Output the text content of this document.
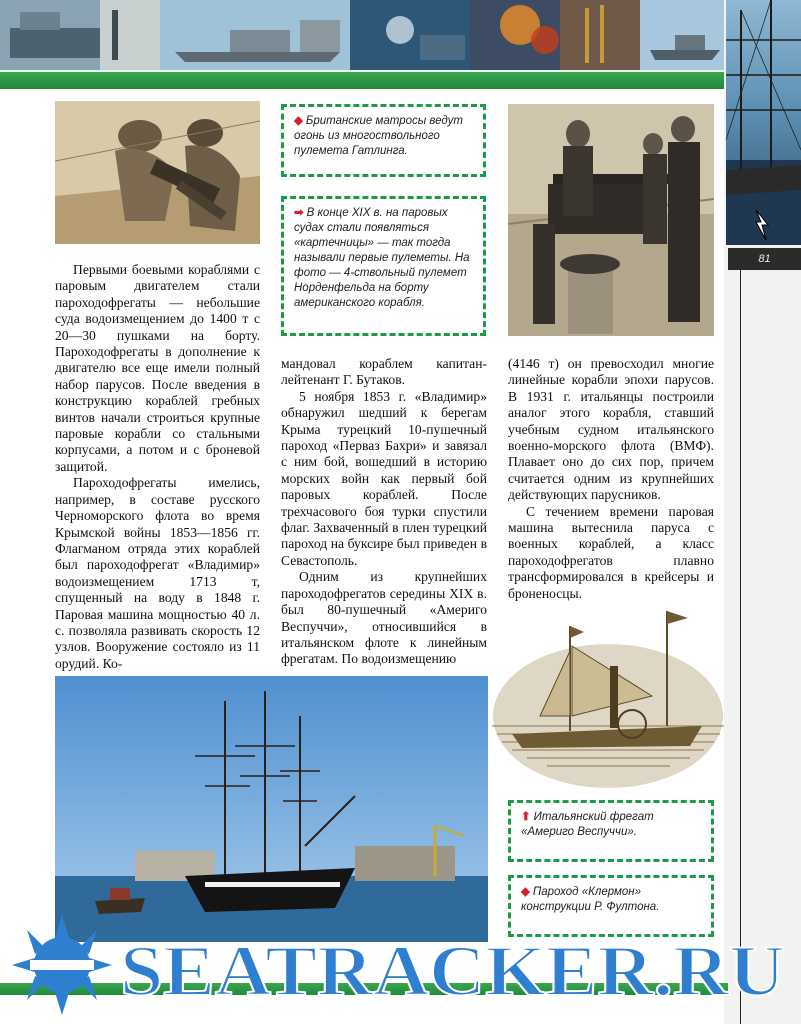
81
◆ Британские матросы ведут огонь из многоствольного пулемета Гатлинга.
➡ В конце XIX в. на паровых судах стали появляться «картечницы» — так тогда называли первые пулеметы. На фото — 4-ствольный пулемет Норденфельда на борту американского корабля.

Первыми боевыми кораблями с паровым двигателем стали пароходофрегаты — небольшие суда водоизмещением до 1400 т с 20—30 пушками на борту. Пароходофрегаты в дополнение к двигателю все еще имели полный набор парусов. После введения в конструкцию кораблей гребных винтов начали строиться крупные паровые корабли со стальными корпусами, а потом и с броневой защитой.

Пароходофрегаты имелись, например, в составе русского Черноморского флота во время Крымской войны 1853—1856 гг. Флагманом отряда этих кораблей был пароходофрегат «Владимир» водоизмещением 1713 т, спущенный на воду в 1848 г. Паровая машина мощностью 40 л. с. позволяла развивать скорость 12 узлов. Вооружение состояло из 11 орудий. Ко-

мандовал кораблем капитан-лейтенант Г. Бутаков.

5 ноября 1853 г. «Владимир» обнаружил шедший к берегам Крыма турецкий 10-пушечный пароход «Перваз Бахри» и завязал с ним бой, вошедший в историю морских войн как первый бой паровых кораблей. После трехчасового боя турки спустили флаг. Захваченный в плен турецкий пароход на буксире был приведен в Севастополь.

Одним из крупнейших пароходофрегатов середины XIX в. был 80-пушечный «Америго Веспуччи», относившийся в итальянском флоте к линейным фрегатам. По водоизмещению

(4146 т) он превосходил многие линейные корабли эпохи парусов. В 1931 г. итальянцы построили аналог этого корабля, ставший учебным судном итальянского военно-морского флота (ВМФ). Плавает оно до сих пор, причем считается одним из крупнейших действующих парусников.

С течением времени паровая машина вытеснила паруса с военных кораблей, а класс пароходофрегатов плавно трансформировался в крейсеры и броненосцы.

⬆ Итальянский фрегат «Америго Веспуччи».
◆ Пароход «Клермон» конструкции Р. Фултона.
SEATRACKER.RU
